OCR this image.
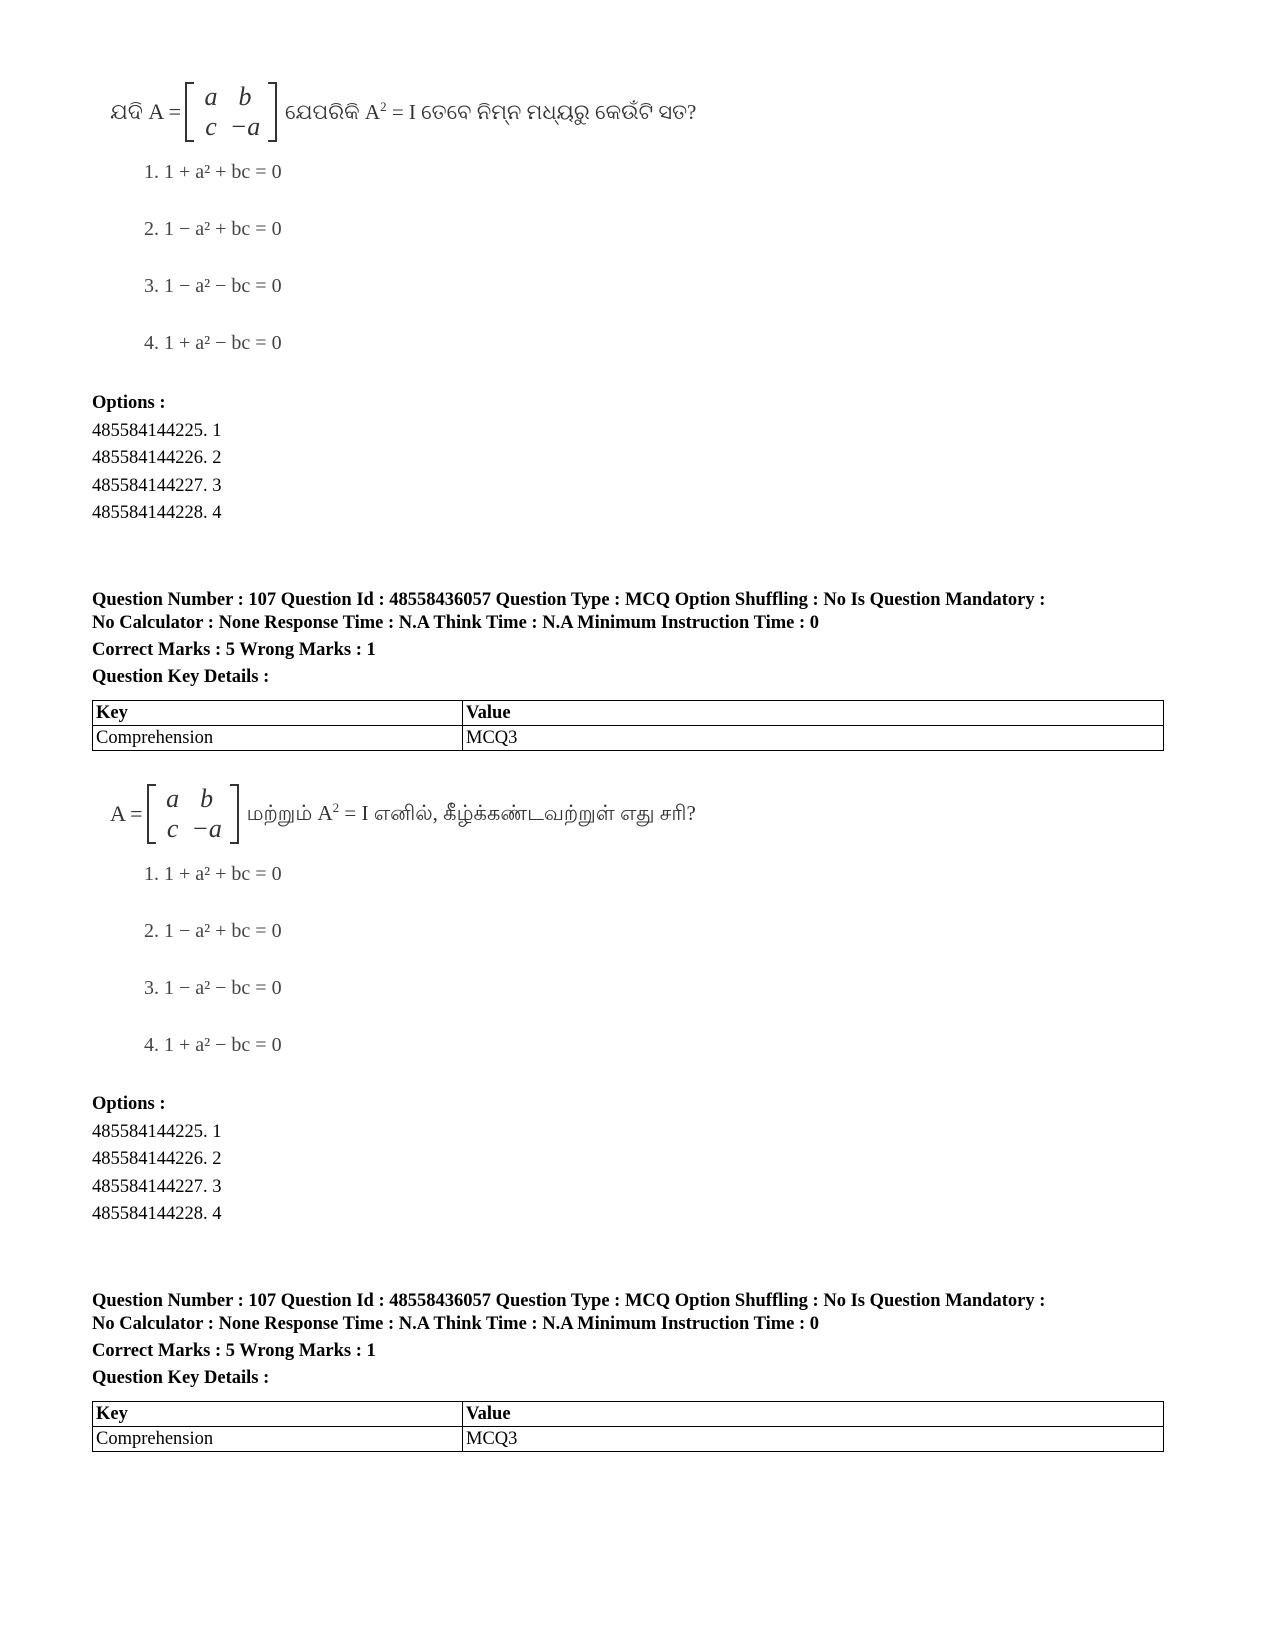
ଯଦି A =
a b
c −a ଯେପରିକି $A^2 = I$ ତେବେ ନିମ୍ନ ମଧ୍ୟରୁ କେଉଁଟି ସତ?
1. 1 + a² + bc = 0
2. 1 − a² + bc = 0
3. 1 − a² − bc = 0
4. 1 + a² − bc = 0
Options :
485584144225. 1
485584144226. 2
485584144227. 3
485584144228. 4

Question Number : 107 Question Id : 48558436057 Question Type : MCQ Option Shuffling : No Is Question Mandatory :

No Calculator : None Response Time : N.A Think Time : N.A Minimum Instruction Time : 0

Correct Marks : 5 Wrong Marks : 1

Question Key Details :

Key	Value
Comprehension	MCQ3
A =
a b
c −a
மற்றும் $A^2 = I$ எனில், கீழ்க்கண்டவற்றுள் எது சரி?
1. 1 + a² + bc = 0
2. 1 − a² + bc = 0
3. 1 − a² − bc = 0
4. 1 + a² − bc = 0
Options :
485584144225. 1
485584144226. 2
485584144227. 3
485584144228. 4

Question Number : 107 Question Id : 48558436057 Question Type : MCQ Option Shuffling : No Is Question Mandatory :

No Calculator : None Response Time : N.A Think Time : N.A Minimum Instruction Time : 0

Correct Marks : 5 Wrong Marks : 1

Question Key Details :

Key	Value
Comprehension	MCQ3
